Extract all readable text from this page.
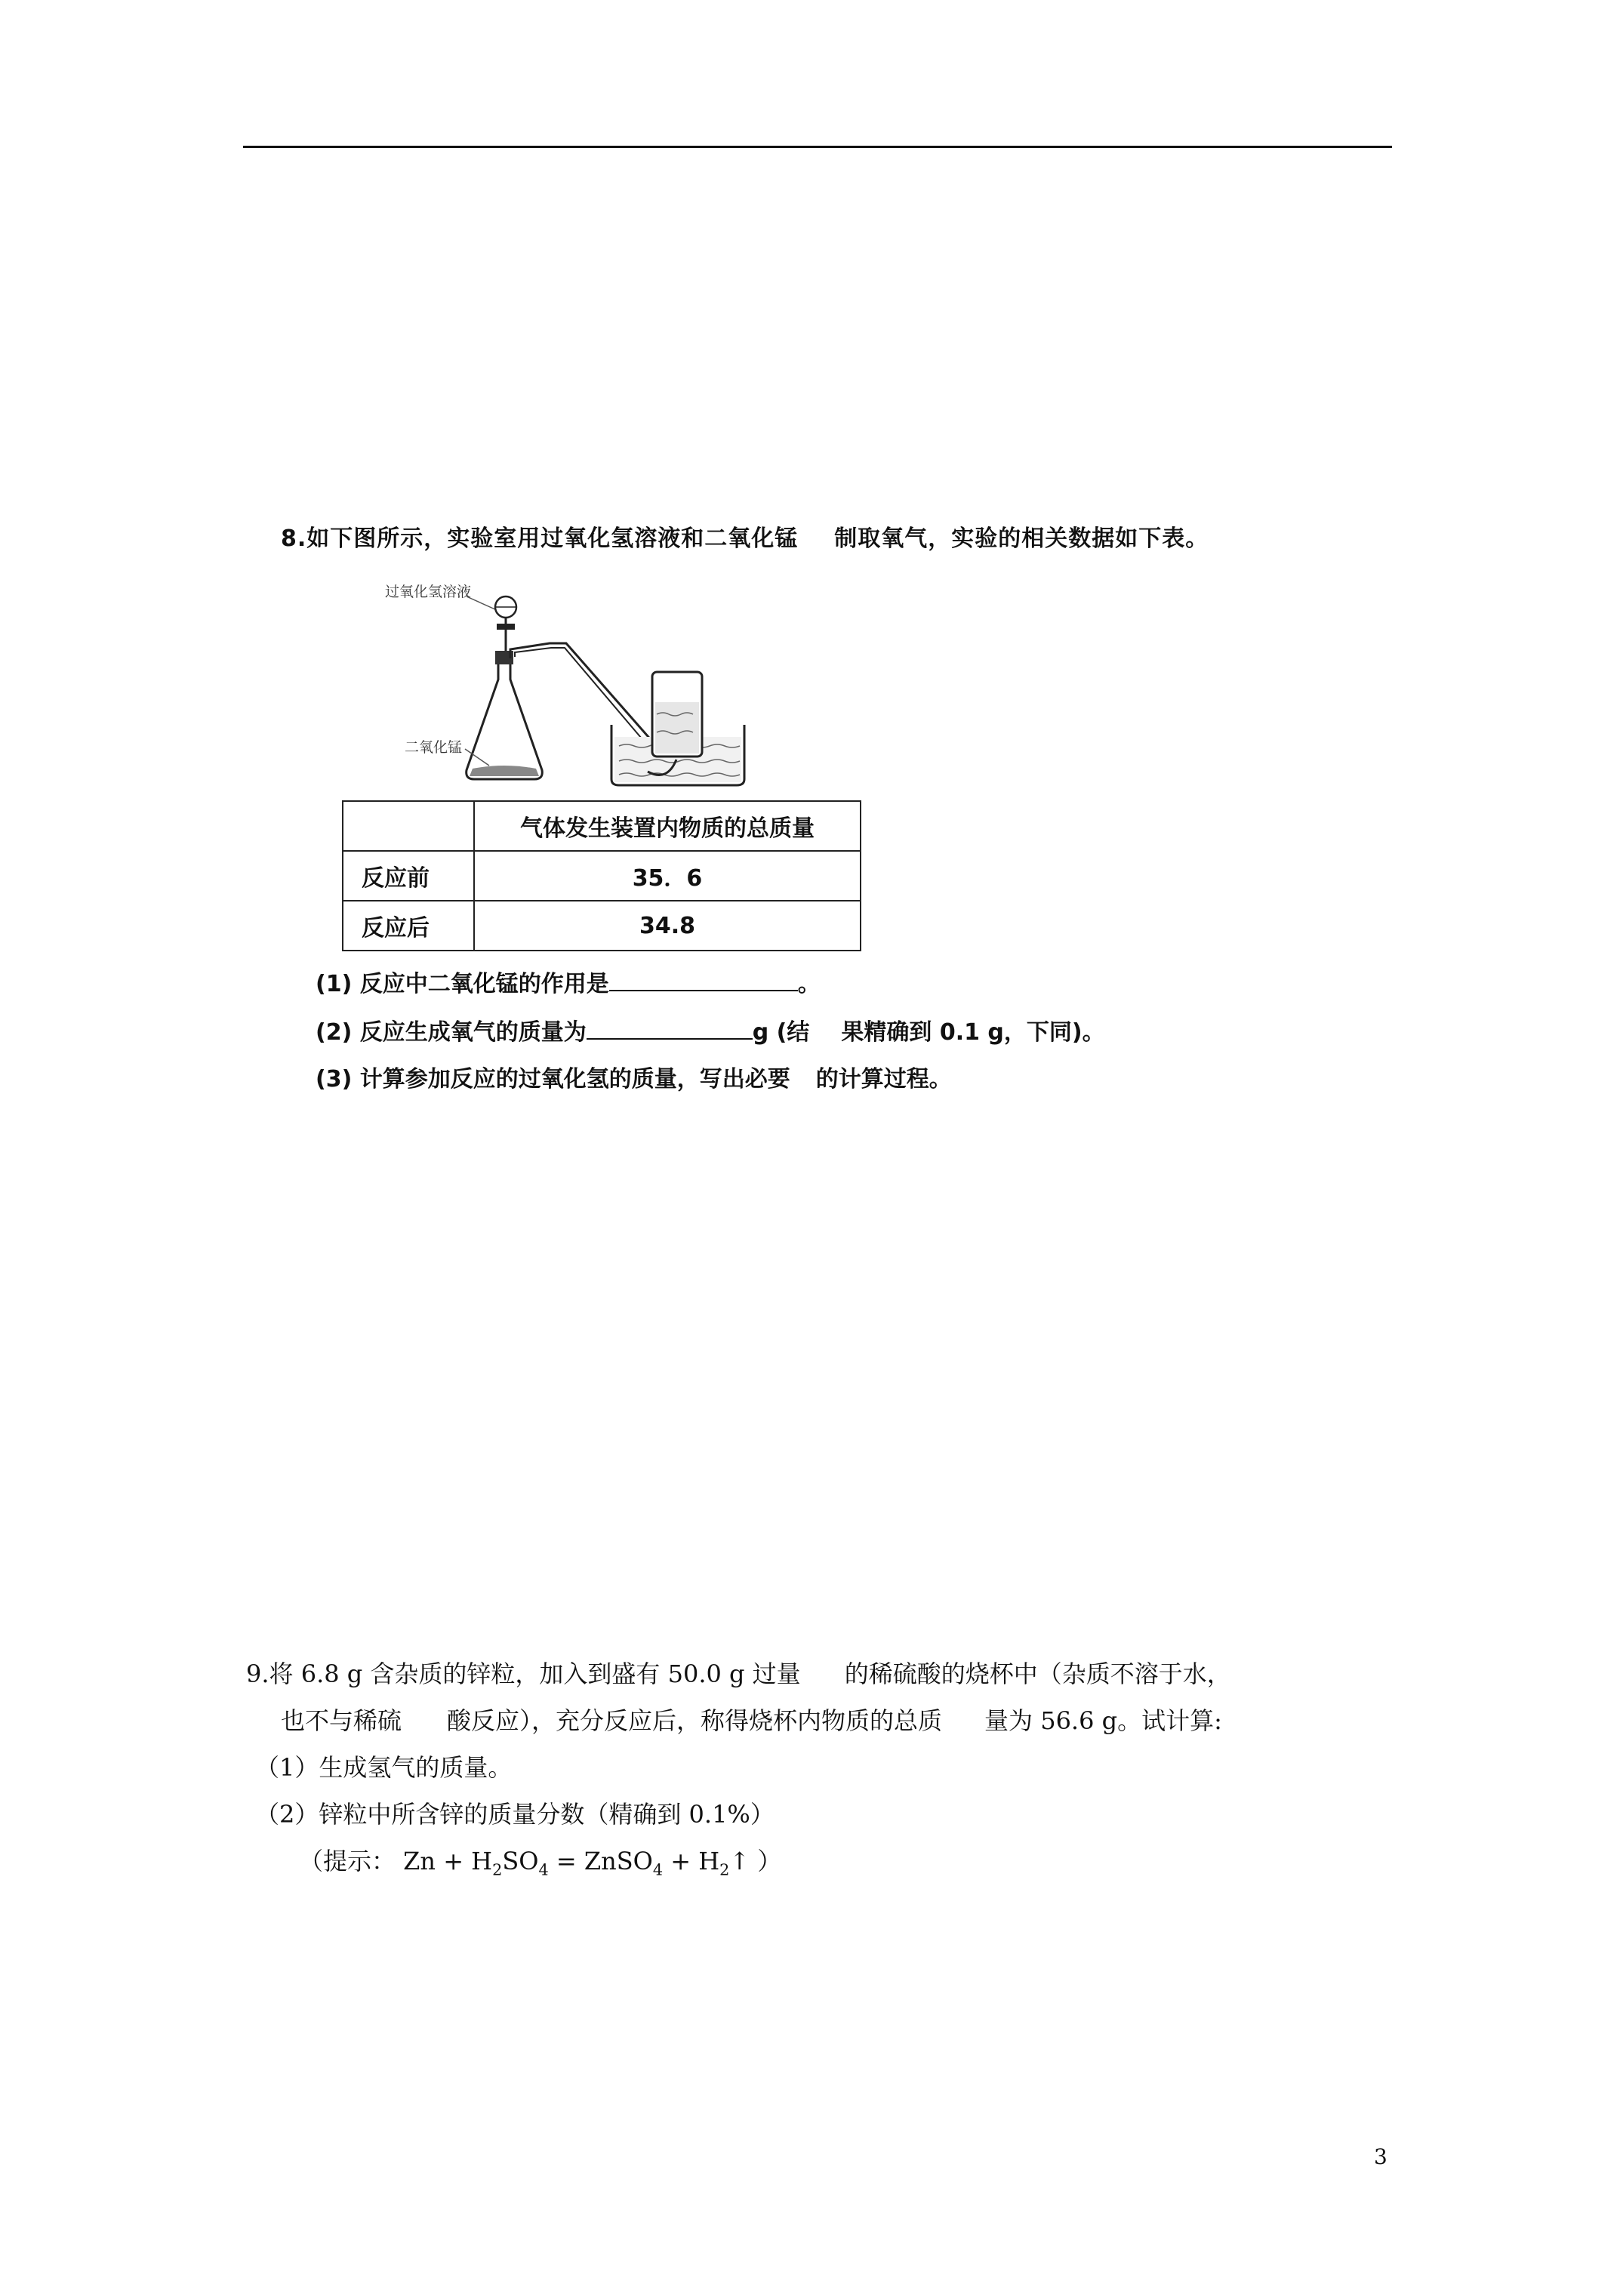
8.如下图所示，实验室用过氧化氢溶液和二氧化锰 制取氧气，实验的相关数据如下表。
过氧化氢溶液
二氧化锰
	气体发生装置内物质的总质量
反应前	35．6
反应后	34.8
(1) 反应中二氧化锰的作用是	。
(2) 反应生成氧气的质量为	g (结 果精确到 0.1 g，下同)。
(3) 计算参加反应的过氧化氢的质量，写出必要 的计算过程。
9.将 6.8 g 含杂质的锌粒，加入到盛有 50.0 g 过量 的稀硫酸的烧杯中（杂质不溶于水，
也不与稀硫 酸反应），充分反应后，称得烧杯内物质的总质 量为 56.6 g。试计算:
（1）生成氢气的质量。
（2）锌粒中所含锌的质量分数（精确到 0.1%）
（提示： $Zn + H_2SO_4$ = ZnSO$_4$ + $H_2↑$ ）
3
